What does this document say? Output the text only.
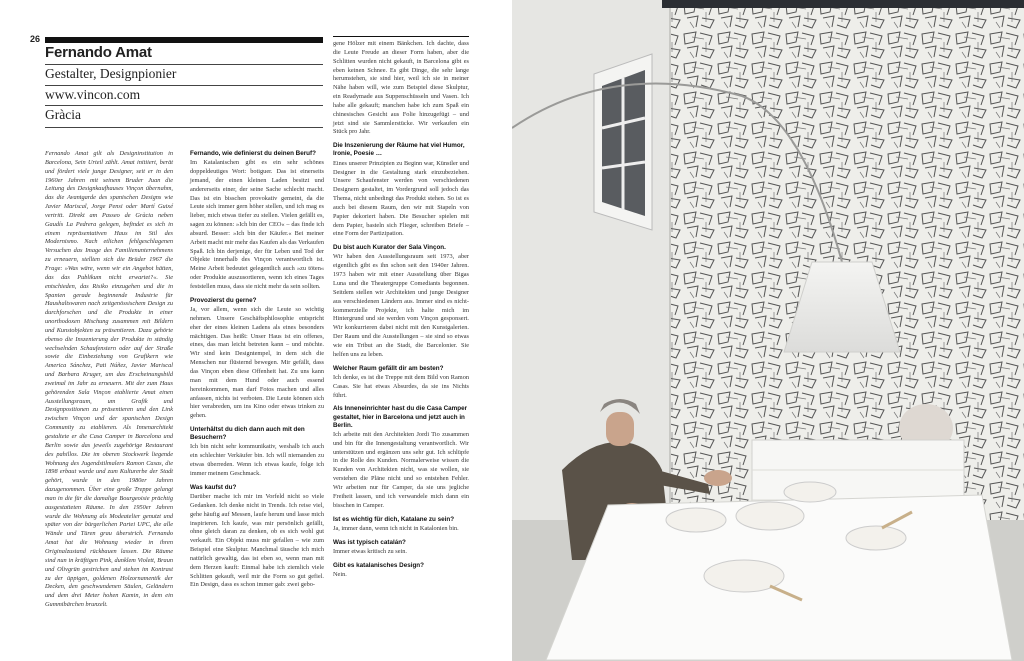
26
Fernando Amat
Gestalter, Designpionier
www.vincon.com
Gràcia

Fernando Amat gilt als Designinstitution in Barcelona, Sein Urteil zählt. Amat initiiert, berät und fördert viele junge Designer, seit er in den 1960er Jahren mit seinem Bruder Juan die Leitung des Designkaufhauses Vinçon übernahm, das die Avantgarde des spanischen Designs wie Javier Mariscal, Jorge Pensi oder Martí Guixé vertritt. Direkt am Passeo de Gràcia neben Gaudís La Pedrera gelegen, befindet es sich in einem repräsentativen Haus im Stil des Modernismo. Nach etlichen fehlgeschlagenen Versuchen das Image des Familienunternehmens zu erneuern, stellten sich die Brüder 1967 die Frage: »Was wäre, wenn wir ein Angebot hätten, das das Publikum nicht erwartet?«. Sie entschieden, das Risiko einzugehen und die in Spanien gerade beginnende Industrie für Haushaltswaren nach zeitgenössischem Design zu durchforschen und die Produkte in einer unorthodoxen Mischung zusammen mit Bildern und Kunstobjekten zu präsentieren. Dazu gehörte ebenso die Inszenierung der Produkte in ständig wechselnden Schaufenstern oder auf der Straße sowie die Einbeziehung von Grafikern wie America Sánchez, Pati Núñez, Javier Mariscal und Barbara Kruger, um das Erscheinungsbild zweimal im Jahr zu erneuern. Mit der zum Haus gehörenden Sala Vinçon etablierte Amat einen Ausstellungsraum, um Grafik und Designpositionen zu präsentieren und den Link zwischen Vinçon und der spanischen Design Community zu etablieren. Als Innenarchitekt gestaltete er die Casa Camper in Barcelona und Berlin sowie das jeweils zugehörige Restaurant des pahillos. Die im oberen Stockwerk liegende Wohnung des Jugendstilmalers Ramon Casas, die 1898 erbaut wurde und zum Kulturerbe der Stadt gehört, wurde in den 1980er Jahren dazugenommen. Über eine große Treppe gelangt man in die für die damalige Bourgeoisie prächtig ausgestatteten Räume. In den 1950er Jahren wurde die Wohnung als Modeatelier genutzt und später von der bürgerlichen Partei UPC, die alle Wände und Türen grau überstrich. Fernando Amat hat die Wohnung wieder in ihren Originalzustand rückbauen lassen. Die Räume sind nun in kräftigen Pink, dunklem Violett, Braun und Olivgrün gestrichen und stehen im Kontrast zu der üppigen, goldenen Holzornamentik der Decken, den geschwundenen Säulen, Geländern und dem drei Meter hohen Kamin, in dem ein Gummibärchen brunzelt.

Fernando, wie definierst du deinen Beruf?

Im Katalanischen gibt es ein sehr schönes doppeldeutiges Wort: botiguer. Das ist einerseits jemand, der einen kleinen Laden besitzt und andererseits einer, der seine Sache schlecht macht. Das ist ein bisschen provokativ gemeint, da die Leute sich immer gern höher stellen, und ich mag es lieber, mich etwas tiefer zu stellen. Vielen gefällt es, sagen zu können: »Ich bin der CEO« – das finde ich absurd. Besser: »Ich bin der Käufer.« Bei meiner Arbeit macht mir mehr das Kaufen als das Verkaufen Spaß. Ich bin derjenige, der für Leben und Tod der Objekte innerhalb des Vinçon verantwortlich ist. Meine Arbeit bedeutet gelegentlich auch »zu töten« oder Produkte auszusortieren, wenn ich eines Tages feststellen muss, dass sie nicht mehr da sein sollten.

Provozierst du gerne?

Ja, vor allem, wenn sich die Leute so wichtig nehmen. Unsere Geschäftsphilosophie entspricht eher der eines kleinen Ladens als eines besonders mächtigen. Das heißt: Unser Haus ist ein offenes, eines, das man leicht betreten kann – und möchte. Wir sind kein Designtempel, in dem sich die Menschen nur flüsternd bewegen. Mir gefällt, dass das Vinçon eben diese Offenheit hat. Zu uns kann man mit dem Hund oder auch essend hereinkommen, man darf Fotos machen und alles anfassen, nichts ist verboten. Die Leute können sich hier verabreden, um ins Kino oder etwas trinken zu gehen.

Unterhältst du dich dann auch mit den Besuchern?

Ich bin nicht sehr kommunikativ, weshalb ich auch ein schlechter Verkäufer bin. Ich will niemanden zu etwas überreden. Wenn ich etwas kaufe, folge ich immer meinem Geschmack.

Was kaufst du?

Darüber mache ich mir im Vorfeld nicht so viele Gedanken. Ich denke nicht in Trends. Ich reise viel, gehe häufig auf Messen, laufe herum und lasse mich inspirieren. Ich kaufe, was mir persönlich gefällt, ohne gleich daran zu denken, ob es sich wohl gut verkauft. Ein Objekt muss mir gefallen – wie zum Beispiel eine Skulptur. Manchmal täusche ich mich natürlich gewaltig, das ist eben so, wenn man mit dem Herzen kauft: Einmal habe ich ziemlich viele Schlitten gekauft, weil mir die Form so gut gefiel. Ein Design, dass es schon immer gab: zwei gebo-

gene Hölzer mit einem Bänkchen. Ich dachte, dass die Leute Freude an dieser Form haben, aber die Schlitten wurden nicht gekauft, in Barcelona gibt es eben keinen Schnee. Es gibt Dinge, die sehr lange herumstehen, sie sind hier, weil ich sie in meiner Nähe haben will, wie zum Beispiel diese Skulptur, ein Readymade aus Suppenschüsseln und Vasen. Ich habe alle gekauft; manchen habe ich zum Spaß ein chinesisches Gesicht aus Folie hinzugefügt – und jetzt sind sie Sammlerstücke. Wir verkaufen ein Stück pro Jahr.

Die Inszenierung der Räume hat viel Humor, Ironie, Poesie …

Eines unserer Prinzipien zu Beginn war, Künstler und Designer in die Gestaltung stark einzubeziehen. Unsere Schaufenster werden von verschiedenen Designern gestaltet, im Vordergrund soll jedoch das Thema, nicht unbedingt das Produkt stehen. So ist es auch bei diesem Raum, den wir mit Stapeln von Papier dekoriert haben. Die Besucher spielen mit dem Papier, basteln sich Flieger, schreiben Briefe – eine Form der Partizipation.

Du bist auch Kurator der Sala Vinçon.

Wir haben den Ausstellungsraum seit 1973, aber eigentlich gibt es ihn schon seit den 1940er Jahren. 1973 haben wir mit einer Ausstellung über Bigas Luna und die Theatergruppe Comediants begonnen. Seitdem stellen wir Architekten und junge Designer aus verschiedenen Ländern aus. Immer sind es nicht-kommerzielle Projekte, ich halte mich im Hintergrund und sie werden vom Vinçon gesponsert. Wir konkurrieren dabei nicht mit den Kunstgalerien. Der Raum und die Ausstellungen – sie sind so etwas wie ein Tribut an die Stadt, die Barcelonier. Sie helfen uns zu leben.

Welcher Raum gefällt dir am besten?

Ich denke, es ist die Treppe mit dem Bild von Ramon Casas. Sie hat etwas Absurdes, da sie ins Nichts führt.

Als Inneneinrichter hast du die Casa Camper gestaltet, hier in Barcelona und jetzt auch in Berlin.

Ich arbeite mit den Architekten Jordi Tio zusammen und bin für die Innengestaltung verantwortlich. Wir unterstützen und ergänzen uns sehr gut. Ich schlüpfe in die Rolle des Kunden. Normalerweise wissen die Kunden von Architekten nicht, was sie wollen, sie verstehen die Pläne nicht und so entstehen Fehler. Wir arbeiten nur für Camper, da sie uns jegliche Freiheit lassen, und ich verwandele mich dann ein bisschen in Camper.

Ist es wichtig für dich, Katalane zu sein?

Ja, immer dann, wenn ich nicht in Katalonien bin.

Was ist typisch catalán?

Immer etwas kritisch zu sein.

Gibt es katalanisches Design?

Nein.
